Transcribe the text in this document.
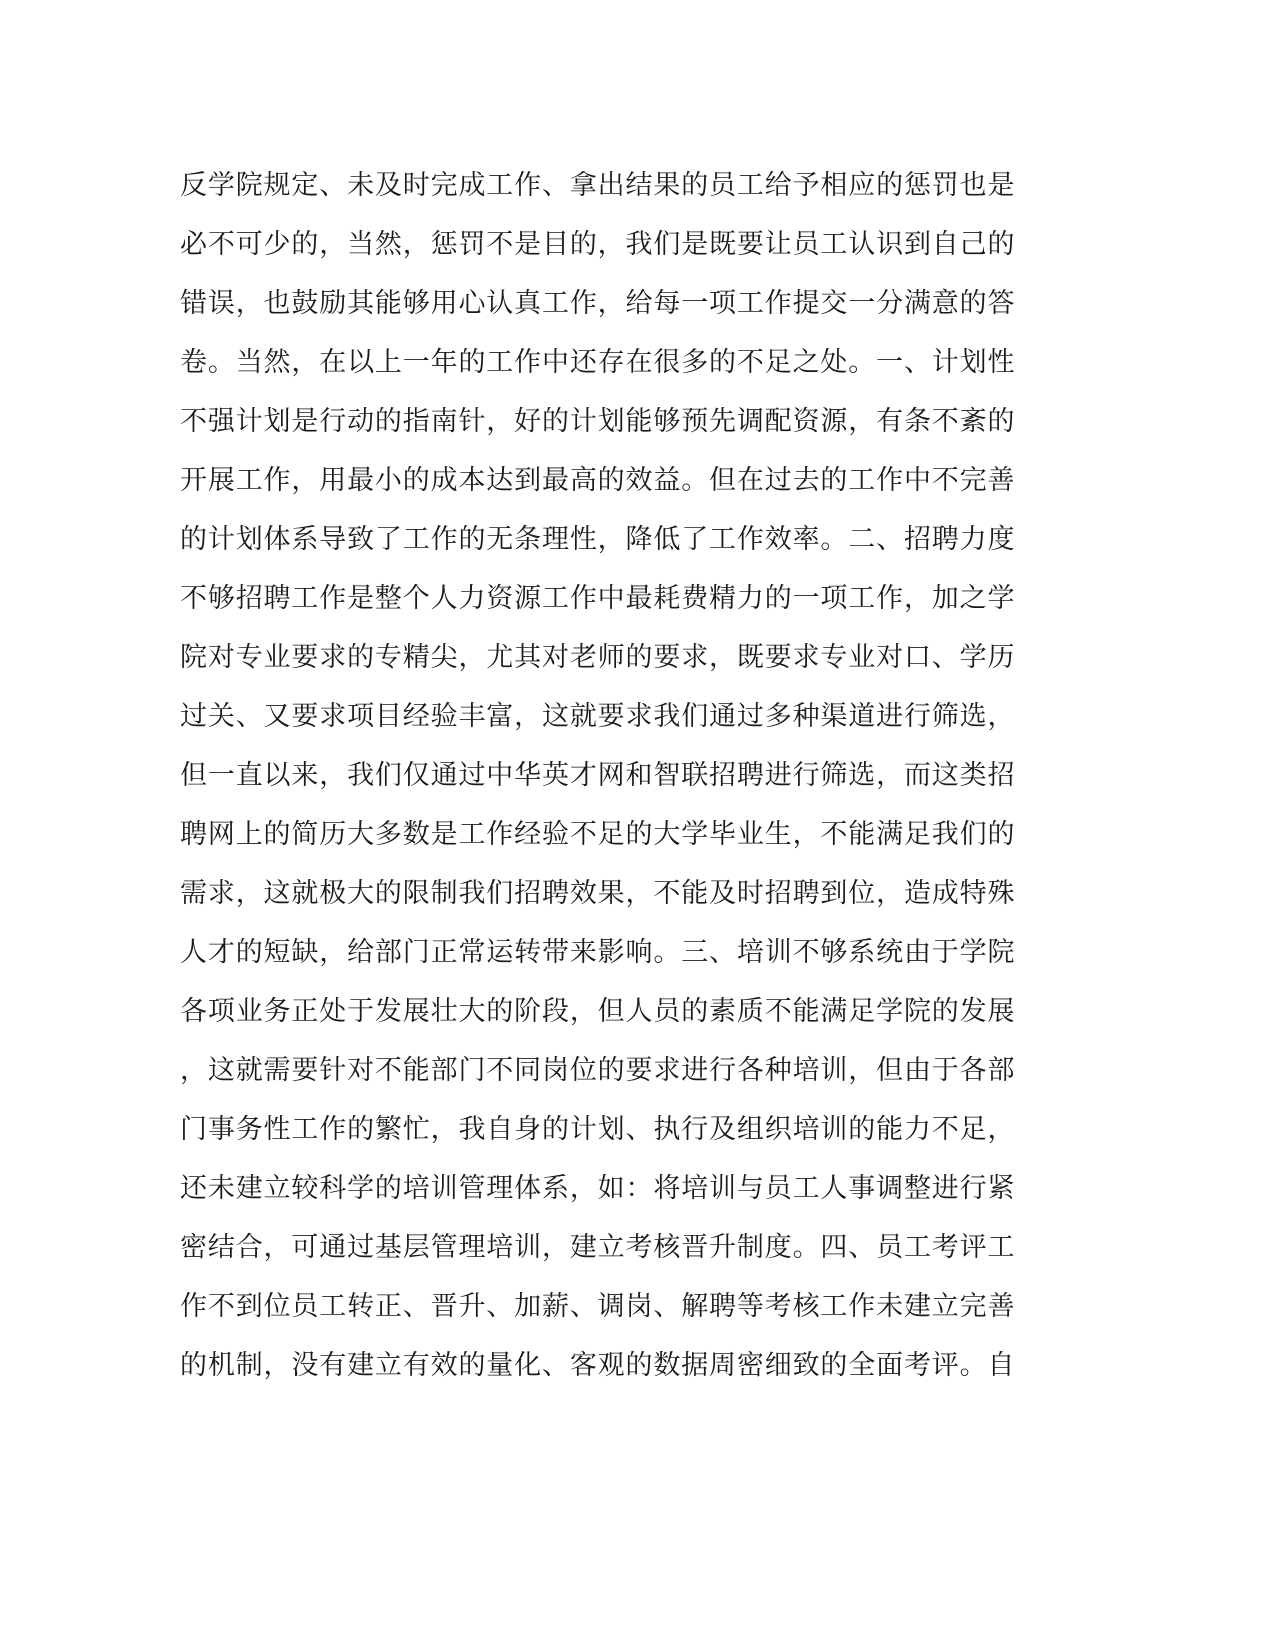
反学院规定、未及时完成工作、拿出结果的员工给予相应的惩罚也是
必不可少的，当然，惩罚不是目的，我们是既要让员工认识到自己的
错误，也鼓励其能够用心认真工作，给每一项工作提交一分满意的答
卷。当然，在以上一年的工作中还存在很多的不足之处。一、计划性
不强计划是行动的指南针，好的计划能够预先调配资源，有条不紊的
开展工作，用最小的成本达到最高的效益。但在过去的工作中不完善
的计划体系导致了工作的无条理性，降低了工作效率。二、招聘力度
不够招聘工作是整个人力资源工作中最耗费精力的一项工作，加之学
院对专业要求的专精尖，尤其对老师的要求，既要求专业对口、学历
过关、又要求项目经验丰富，这就要求我们通过多种渠道进行筛选，
但一直以来，我们仅通过中华英才网和智联招聘进行筛选，而这类招
聘网上的简历大多数是工作经验不足的大学毕业生，不能满足我们的
需求，这就极大的限制我们招聘效果，不能及时招聘到位，造成特殊
人才的短缺，给部门正常运转带来影响。三、培训不够系统由于学院
各项业务正处于发展壮大的阶段，但人员的素质不能满足学院的发展
，这就需要针对不能部门不同岗位的要求进行各种培训，但由于各部
门事务性工作的繁忙，我自身的计划、执行及组织培训的能力不足，
还未建立较科学的培训管理体系，如：将培训与员工人事调整进行紧
密结合，可通过基层管理培训，建立考核晋升制度。四、员工考评工
作不到位员工转正、晋升、加薪、调岗、解聘等考核工作未建立完善
的机制，没有建立有效的量化、客观的数据周密细致的全面考评。自
